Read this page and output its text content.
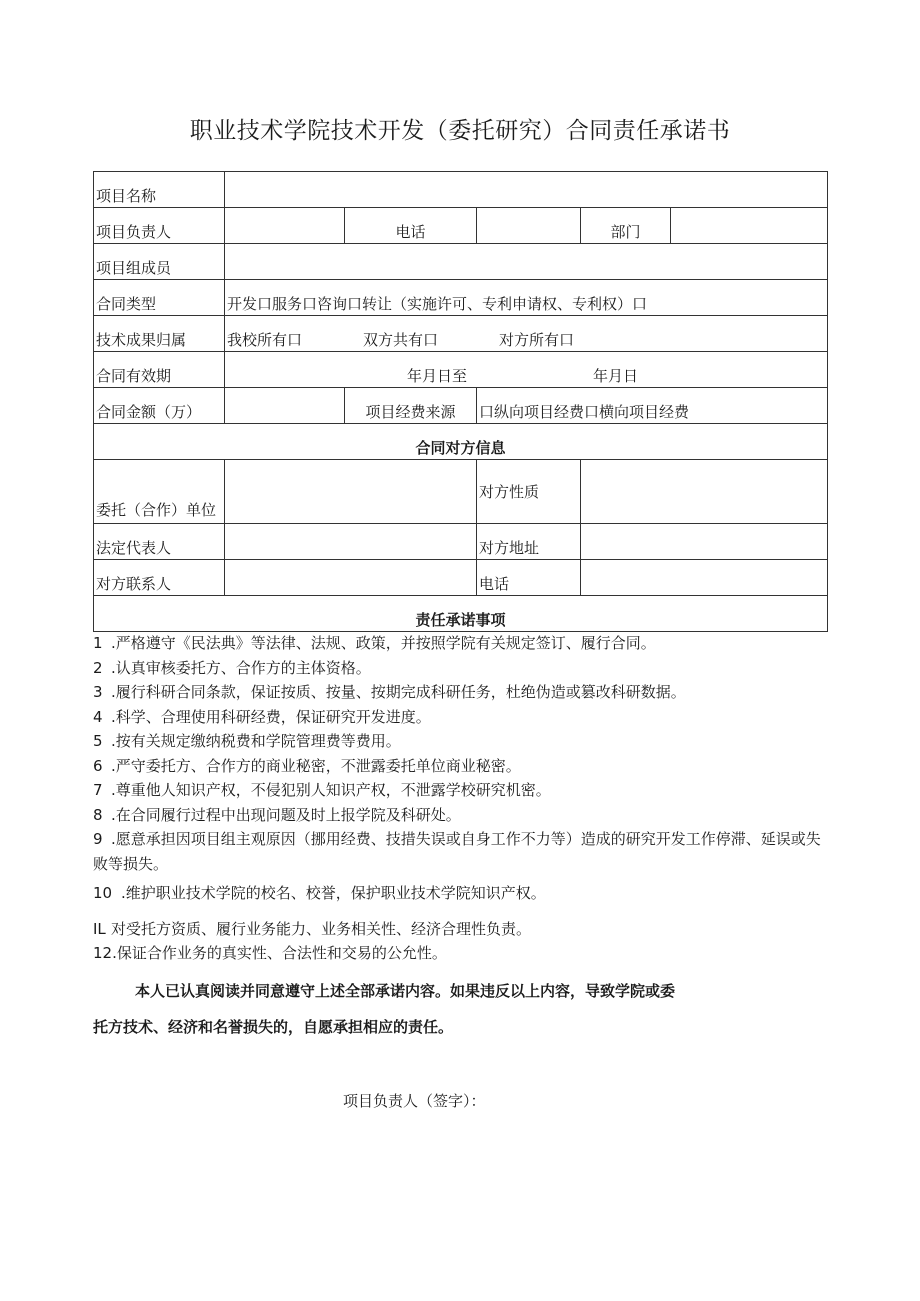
职业技术学院技术开发（委托研究）合同责任承诺书
项目名称					
项目负责人		电话		部门	
项目组成员					
合同类型	开发口服务口咨询口转让（实施许可、专利申请权、专利权）口				
技术成果归属	我校所有口 双方共有口 对方所有口				
合同有效期	年月日至 年月日				
合同金额（万）		项目经费来源	口纵向项目经费口横向项目经费		
合同对方信息					
委托（合作）单位			对方性质		
法定代表人			对方地址		
对方联系人			电话		
责任承诺事项					

1 .严格遵守《民法典》等法律、法规、政策，并按照学院有关规定签订、履行合同。

2 .认真审核委托方、合作方的主体资格。

3 .履行科研合同条款，保证按质、按量、按期完成科研任务，杜绝伪造或篡改科研数据。

4 .科学、合理使用科研经费，保证研究开发进度。

5 .按有关规定缴纳税费和学院管理费等费用。

6 .严守委托方、合作方的商业秘密，不泄露委托单位商业秘密。

7 .尊重他人知识产权，不侵犯别人知识产权，不泄露学校研究机密。

8 .在合同履行过程中出现问题及时上报学院及科研处。

9 .愿意承担因项目组主观原因（挪用经费、技措失误或自身工作不力等）造成的研究开发工作停滞、延误或失败等损失。

10 .维护职业技术学院的校名、校誉，保护职业技术学院知识产权。

IL 对受托方资质、履行业务能力、业务相关性、经济合理性负责。

12.保证合作业务的真实性、合法性和交易的公允性。

本人已认真阅读并同意遵守上述全部承诺内容。如果违反以上内容，导致学院或委

托方技术、经济和名誉损失的，自愿承担相应的责任。

项目负责人（签字）：
